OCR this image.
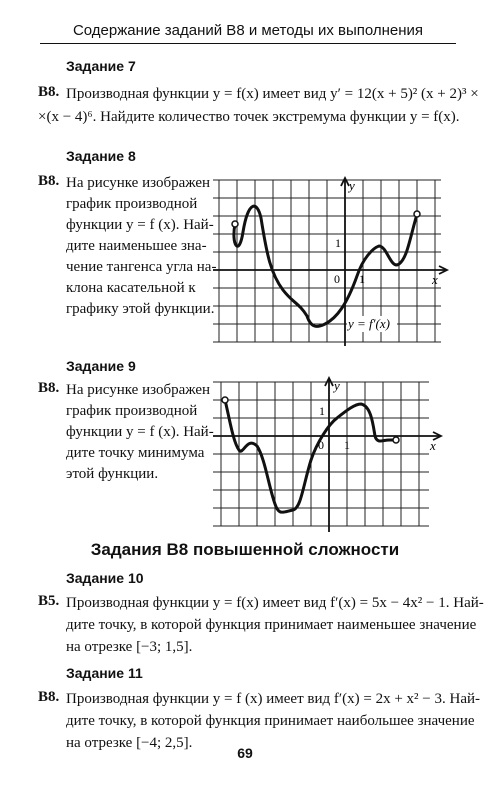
Содержание заданий В8 и методы их выполнения
Задание 7
В8. Производная функции y = f(x) имеет вид y′ = 12(x + 5)² (x + 2)³ ×
×(x − 4)⁶. Найдите количество точек экстремума функции y = f(x).
Задание 8
В8. На рисунке изображен
график производной
функции y = f (x). Най-
дите наименьшее зна-
чение тангенса угла на-
клона касательной к
графику этой функции.
y
x
0 1
1
y = f′(x)
Задание 9
В8. На рисунке изображен
график производной
функции y = f (x). Най-
дите точку минимума
этой функции.
y
x
0 1
1
Задания В8 повышенной сложности
Задание 10
В5. Производная функции y = f(x) имеет вид f′(x) = 5x − 4x² − 1. Най-
дите точку, в которой функция принимает наименьшее значение
на отрезке [−3; 1,5].
Задание 11
В8. Производная функции y = f (x) имеет вид f′(x) = 2x + x² − 3. Най-
дите точку, в которой функция принимает наибольшее значение
на отрезке [−4; 2,5].
69
